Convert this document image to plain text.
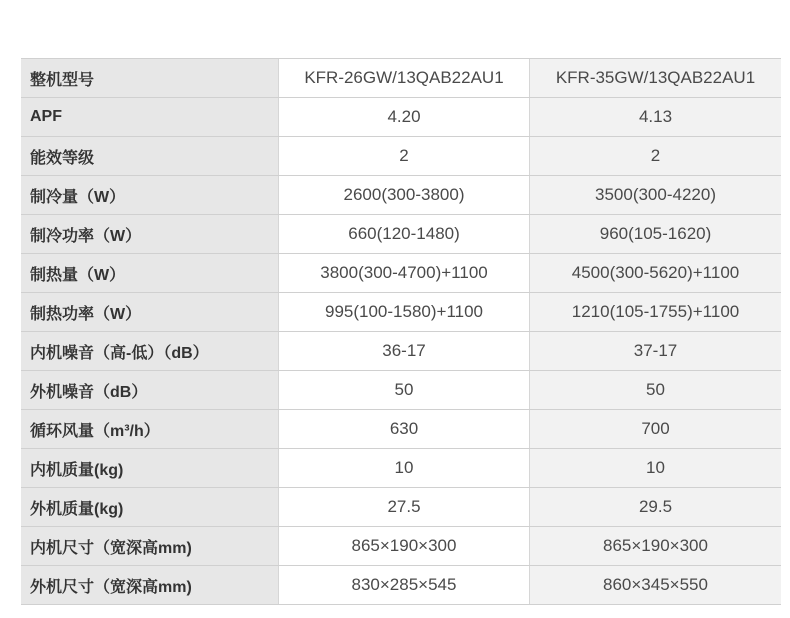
整机型号	KFR-26GW/13QAB22AU1	KFR-35GW/13QAB22AU1
APF	4.20	4.13
能效等级	2	2
制冷量（W）	2600(300-3800)	3500(300-4220)
制冷功率（W）	660(120-1480)	960(105-1620)
制热量（W）	3800(300-4700)+1100	4500(300-5620)+1100
制热功率（W）	995(100-1580)+1100	1210(105-1755)+1100
内机噪音（高-低）（dB）	36-17	37-17
外机噪音（dB）	50	50
循环风量（m³/h）	630	700
内机质量(kg)	10	10
外机质量(kg)	27.5	29.5
内机尺寸（宽深高mm)	865×190×300	865×190×300
外机尺寸（宽深高mm)	830×285×545	860×345×550
